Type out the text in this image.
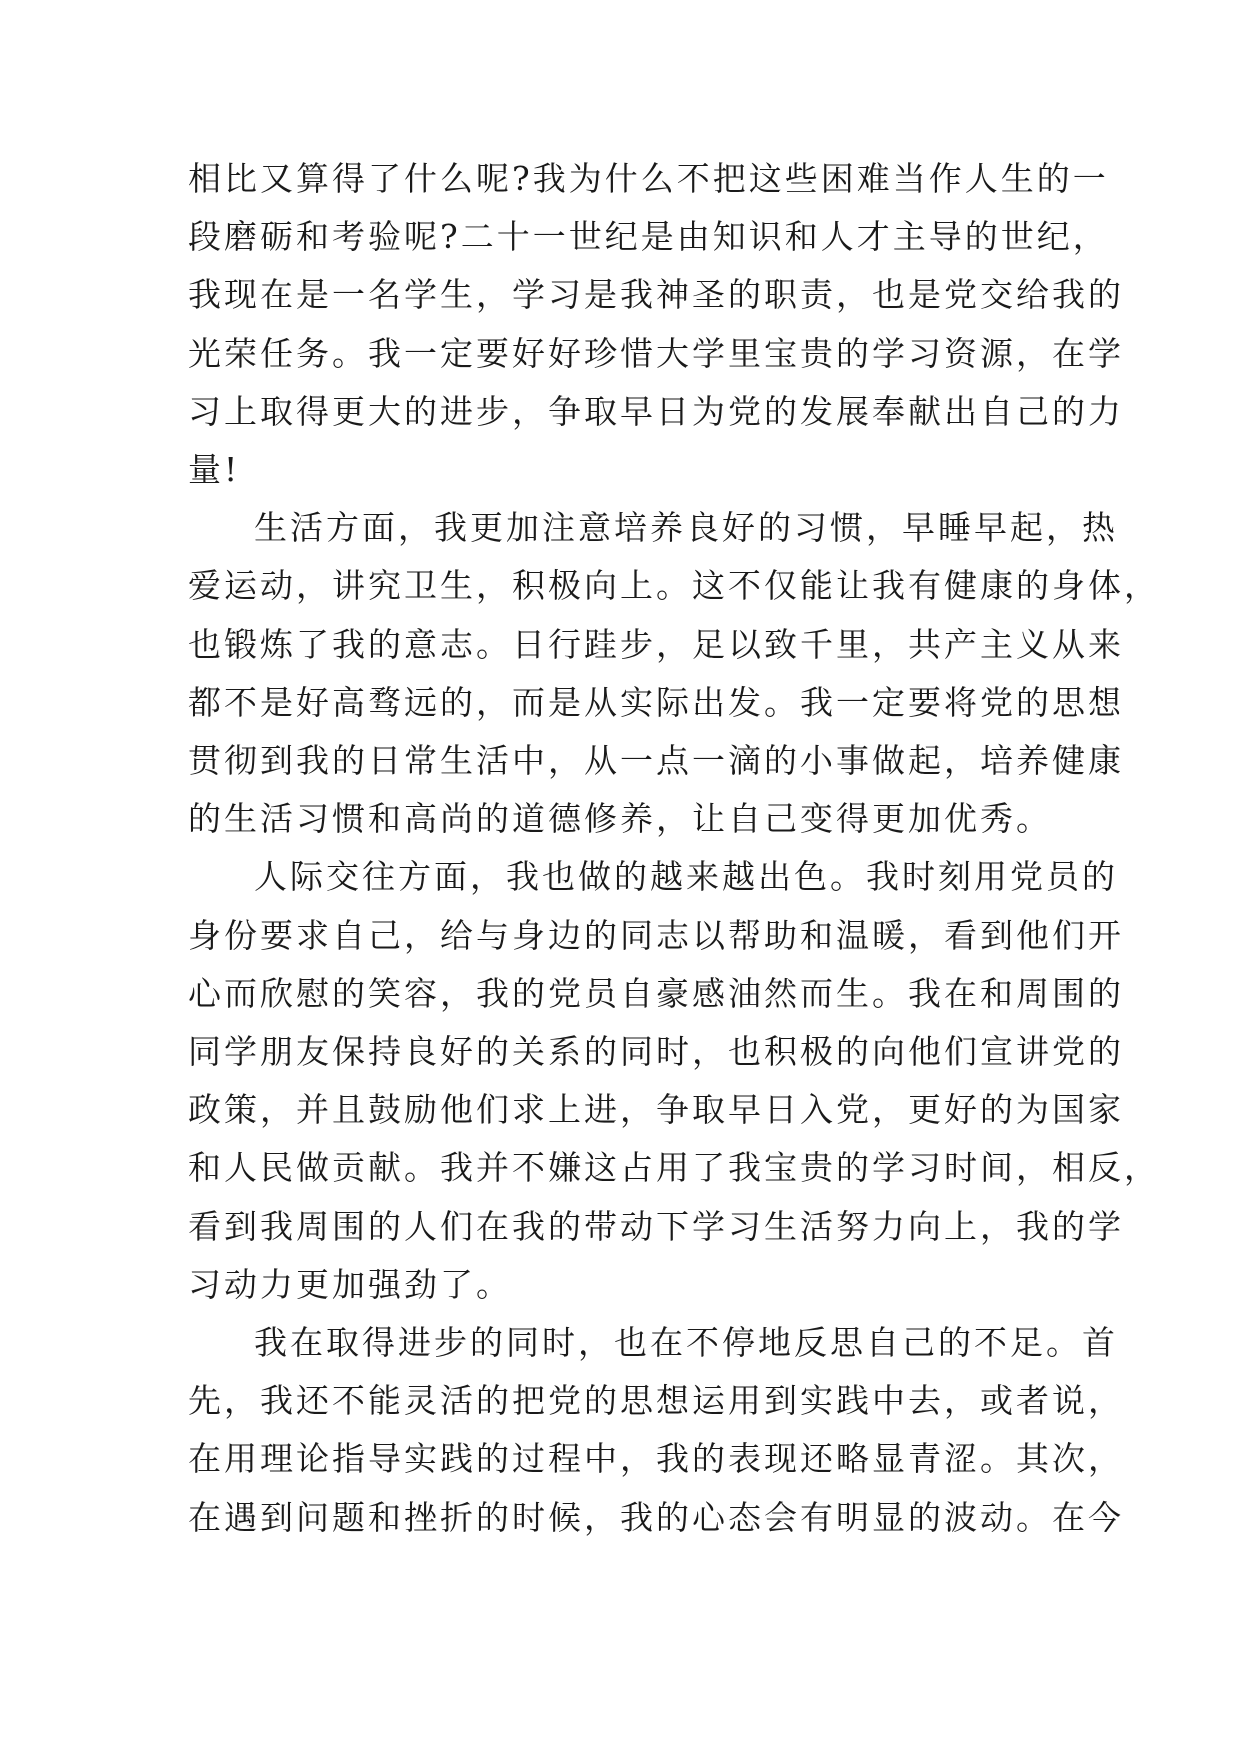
相比又算得了什么呢?我为什么不把这些困难当作人生的一
段磨砺和考验呢?二十一世纪是由知识和人才主导的世纪，
我现在是一名学生，学习是我神圣的职责，也是党交给我的
光荣任务。我一定要好好珍惜大学里宝贵的学习资源，在学
习上取得更大的进步，争取早日为党的发展奉献出自己的力
量!

生活方面，我更加注意培养良好的习惯，早睡早起，热
爱运动，讲究卫生，积极向上。这不仅能让我有健康的身体，
也锻炼了我的意志。日行跬步，足以致千里，共产主义从来
都不是好高骛远的，而是从实际出发。我一定要将党的思想
贯彻到我的日常生活中，从一点一滴的小事做起，培养健康
的生活习惯和高尚的道德修养，让自己变得更加优秀。

人际交往方面，我也做的越来越出色。我时刻用党员的
身份要求自己，给与身边的同志以帮助和温暖，看到他们开
心而欣慰的笑容，我的党员自豪感油然而生。我在和周围的
同学朋友保持良好的关系的同时，也积极的向他们宣讲党的
政策，并且鼓励他们求上进，争取早日入党，更好的为国家
和人民做贡献。我并不嫌这占用了我宝贵的学习时间，相反，
看到我周围的人们在我的带动下学习生活努力向上，我的学
习动力更加强劲了。

我在取得进步的同时，也在不停地反思自己的不足。首
先，我还不能灵活的把党的思想运用到实践中去，或者说，
在用理论指导实践的过程中，我的表现还略显青涩。其次，
在遇到问题和挫折的时候，我的心态会有明显的波动。在今
